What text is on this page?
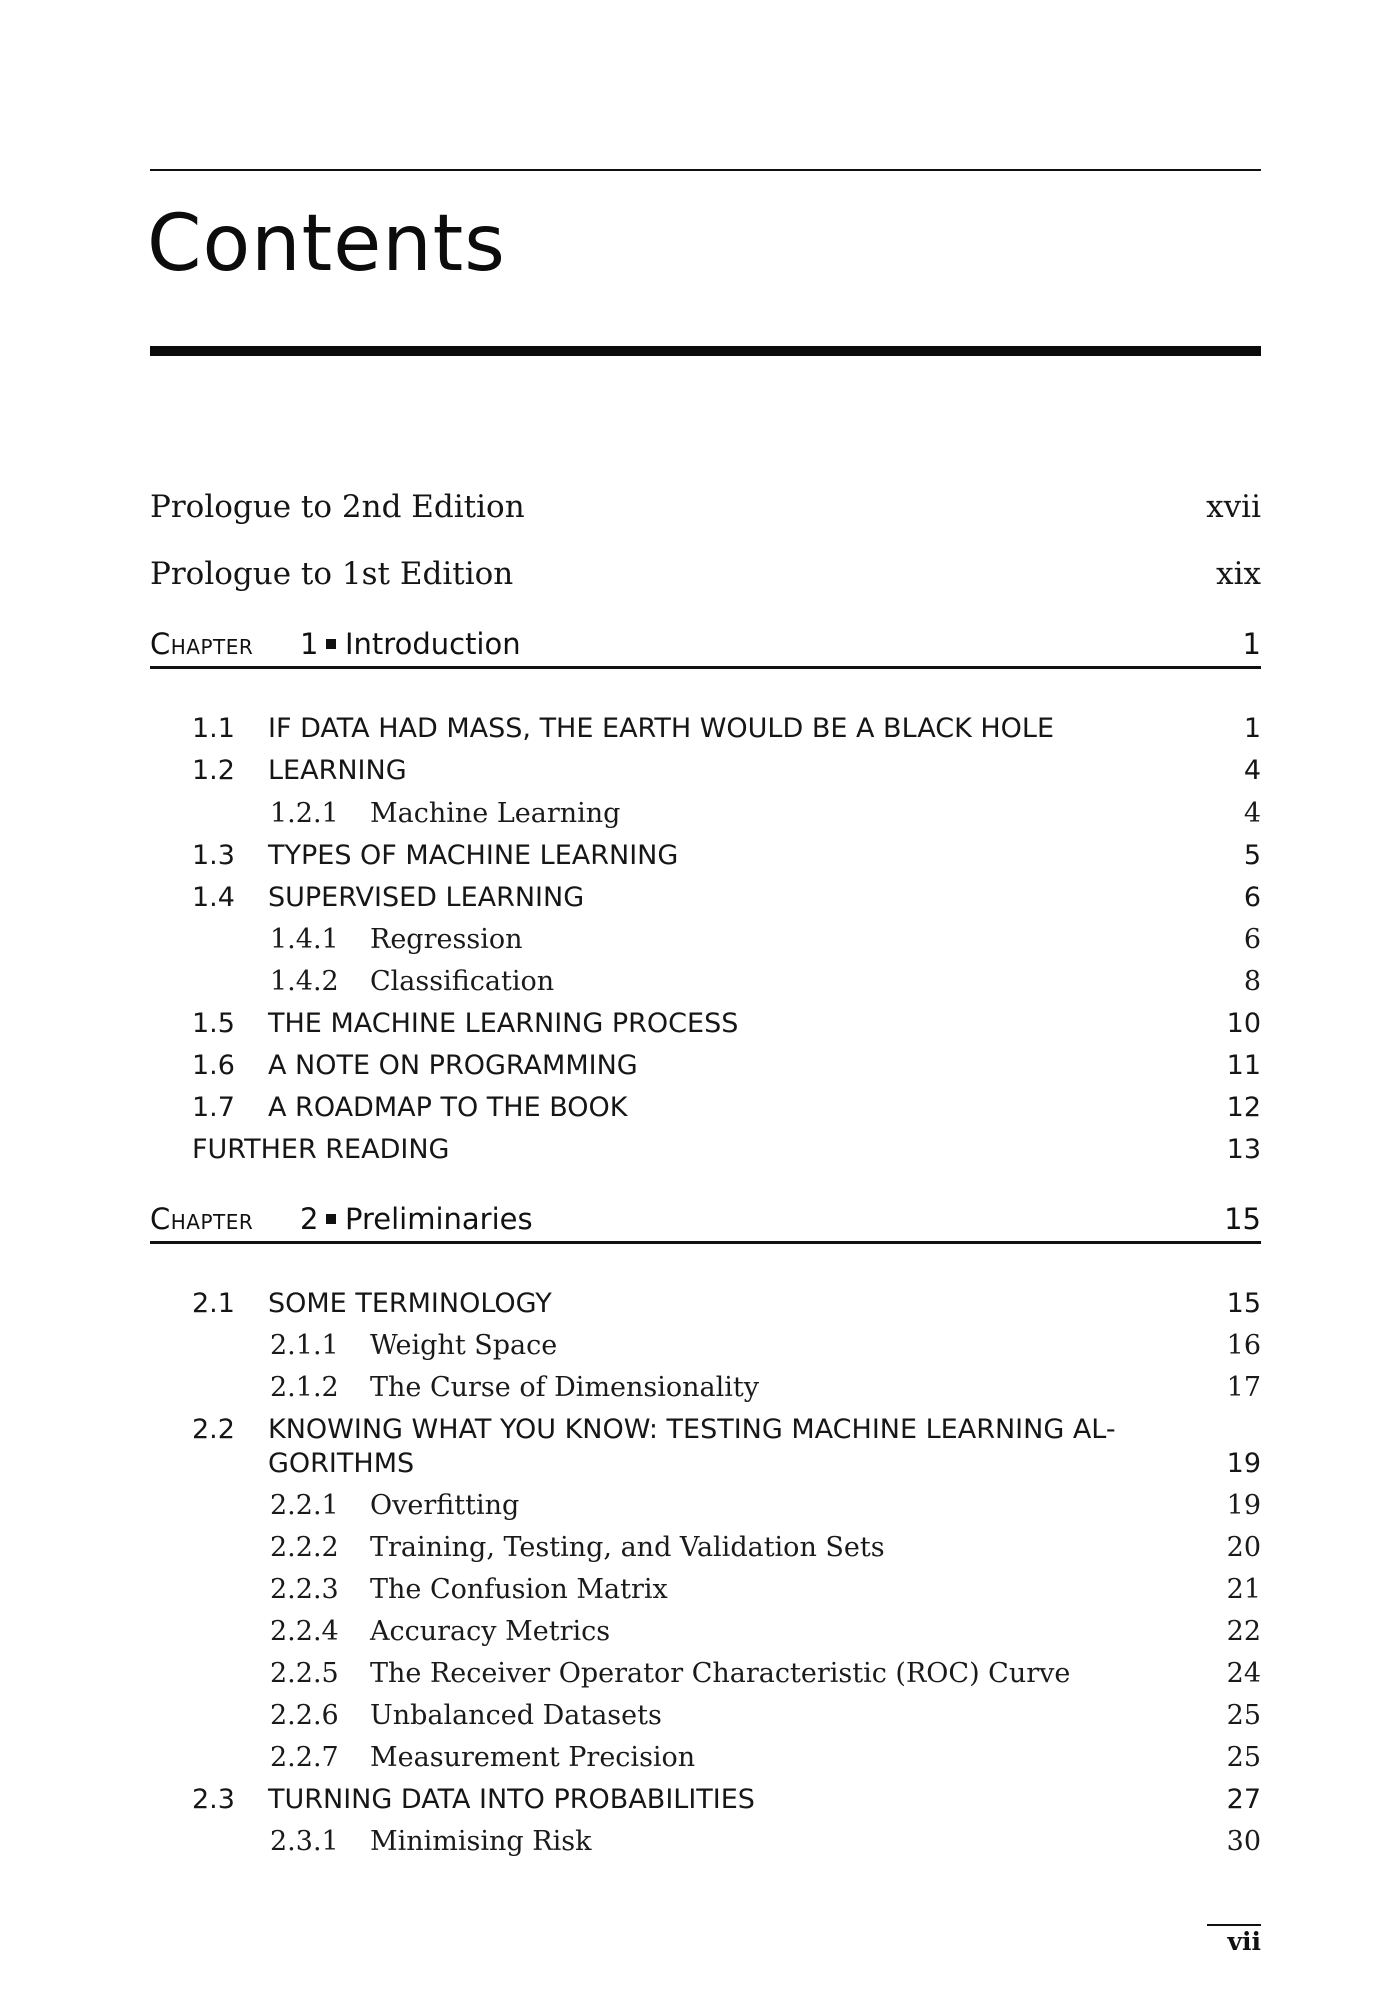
Contents
Prologue to 2nd Edition	xvii
Prologue to 1st Edition	xix
Chapter 1 Introduction	1
1.1 IF DATA HAD MASS, THE EARTH WOULD BE A BLACK HOLE	1
1.2 LEARNING	4
1.2.1 Machine Learning	4
1.3 TYPES OF MACHINE LEARNING	5
1.4 SUPERVISED LEARNING	6
1.4.1 Regression	6
1.4.2 Classification	8
1.5 THE MACHINE LEARNING PROCESS	10
1.6 A NOTE ON PROGRAMMING	11
1.7 A ROADMAP TO THE BOOK	12
FURTHER READING	13
Chapter 2 Preliminaries	15
2.1 SOME TERMINOLOGY	15
2.1.1 Weight Space	16
2.1.2 The Curse of Dimensionality	17
2.2 KNOWING WHAT YOU KNOW: TESTING MACHINE LEARNING AL-
GORITHMS	19
2.2.1 Overfitting	19
2.2.2 Training, Testing, and Validation Sets	20
2.2.3 The Confusion Matrix	21
2.2.4 Accuracy Metrics	22
2.2.5 The Receiver Operator Characteristic (ROC) Curve	24
2.2.6 Unbalanced Datasets	25
2.2.7 Measurement Precision	25
2.3 TURNING DATA INTO PROBABILITIES	27
2.3.1 Minimising Risk	30
vii
